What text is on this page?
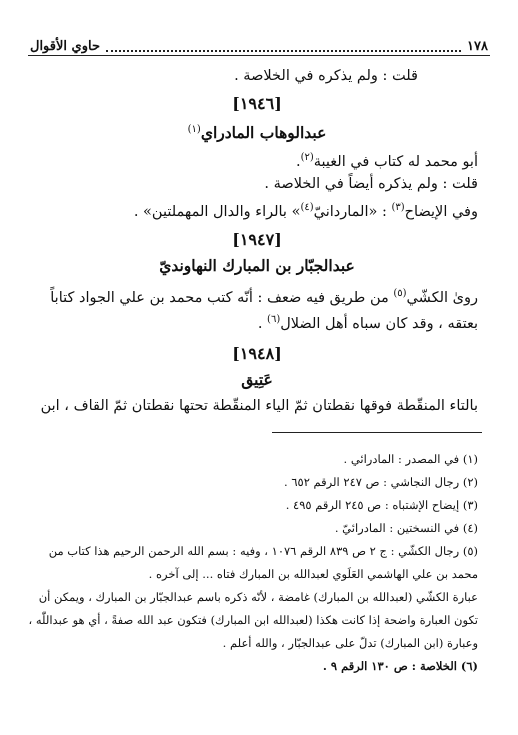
١٧٨
حاوي الأقوال
قلت : ولم يذكره في الخلاصة .
[١٩٤٦]
عبدالوهاب المادراي$^{(١)}$
أبو محمد له كتاب في الغيبة$^{(٢)}$.
قلت : ولم يذكره أيضاً في الخلاصة .
وفي الإيضاح$^{(٣)}$ : «الماردانيّ$^{(٤)}$» بالراء والدال المهملتين» .
[١٩٤٧]
عبدالجبّار بن المبارك النهاونديّ
روىٰ الكشّي$^{(٥)}$ من طريق فيه ضعف : أنّه كتب محمد بن علي الجواد كتاباً
بعتقه ، وقد كان سباه أهل الضلال$^{(٦)}$ .
[١٩٤٨]
عَتِيق
بالتاء المنقّطة فوقها نقطتان ثمّ الياء المنقّطة تحتها نقطتان ثمّ القاف ، ابن
(١) في المصدر : المادرائي .
(٢) رجال النجاشي : ص ٢٤٧ الرقم ٦٥٢ .
(٣) إيضاح الإشتباه : ص ٢٤٥ الرقم ٤٩٥ .
(٤) في النسختين : المادرائيّ .
(٥) رجال الكشّي : ج ٢ ص ٨٣٩ الرقم ١٠٧٦ ، وفيه : بسم الله الرحمن الرحيم هذا كتاب من
محمد بن علي الهاشمي العَلَوي لعبدالله بن المبارك فتاه ... إلى آخره .
عبارة الكشّي (لعبدالله بن المبارك) غامضة ، لأنّه ذكره باسم عبدالجبّار بن المبارك ، ويمكن أن
تكون العبارة واضحة إذا كانت هكذا (لعبدالله ابن المبارك) فتكون عبد الله صفةً ، أي هو عبداللّٰه ،
وعبارة (ابن المبارك) تدلّ على عبدالجبّار ، والله أعلم .
(٦) الخلاصة : ص ١٣٠ الرقم ٩ .
